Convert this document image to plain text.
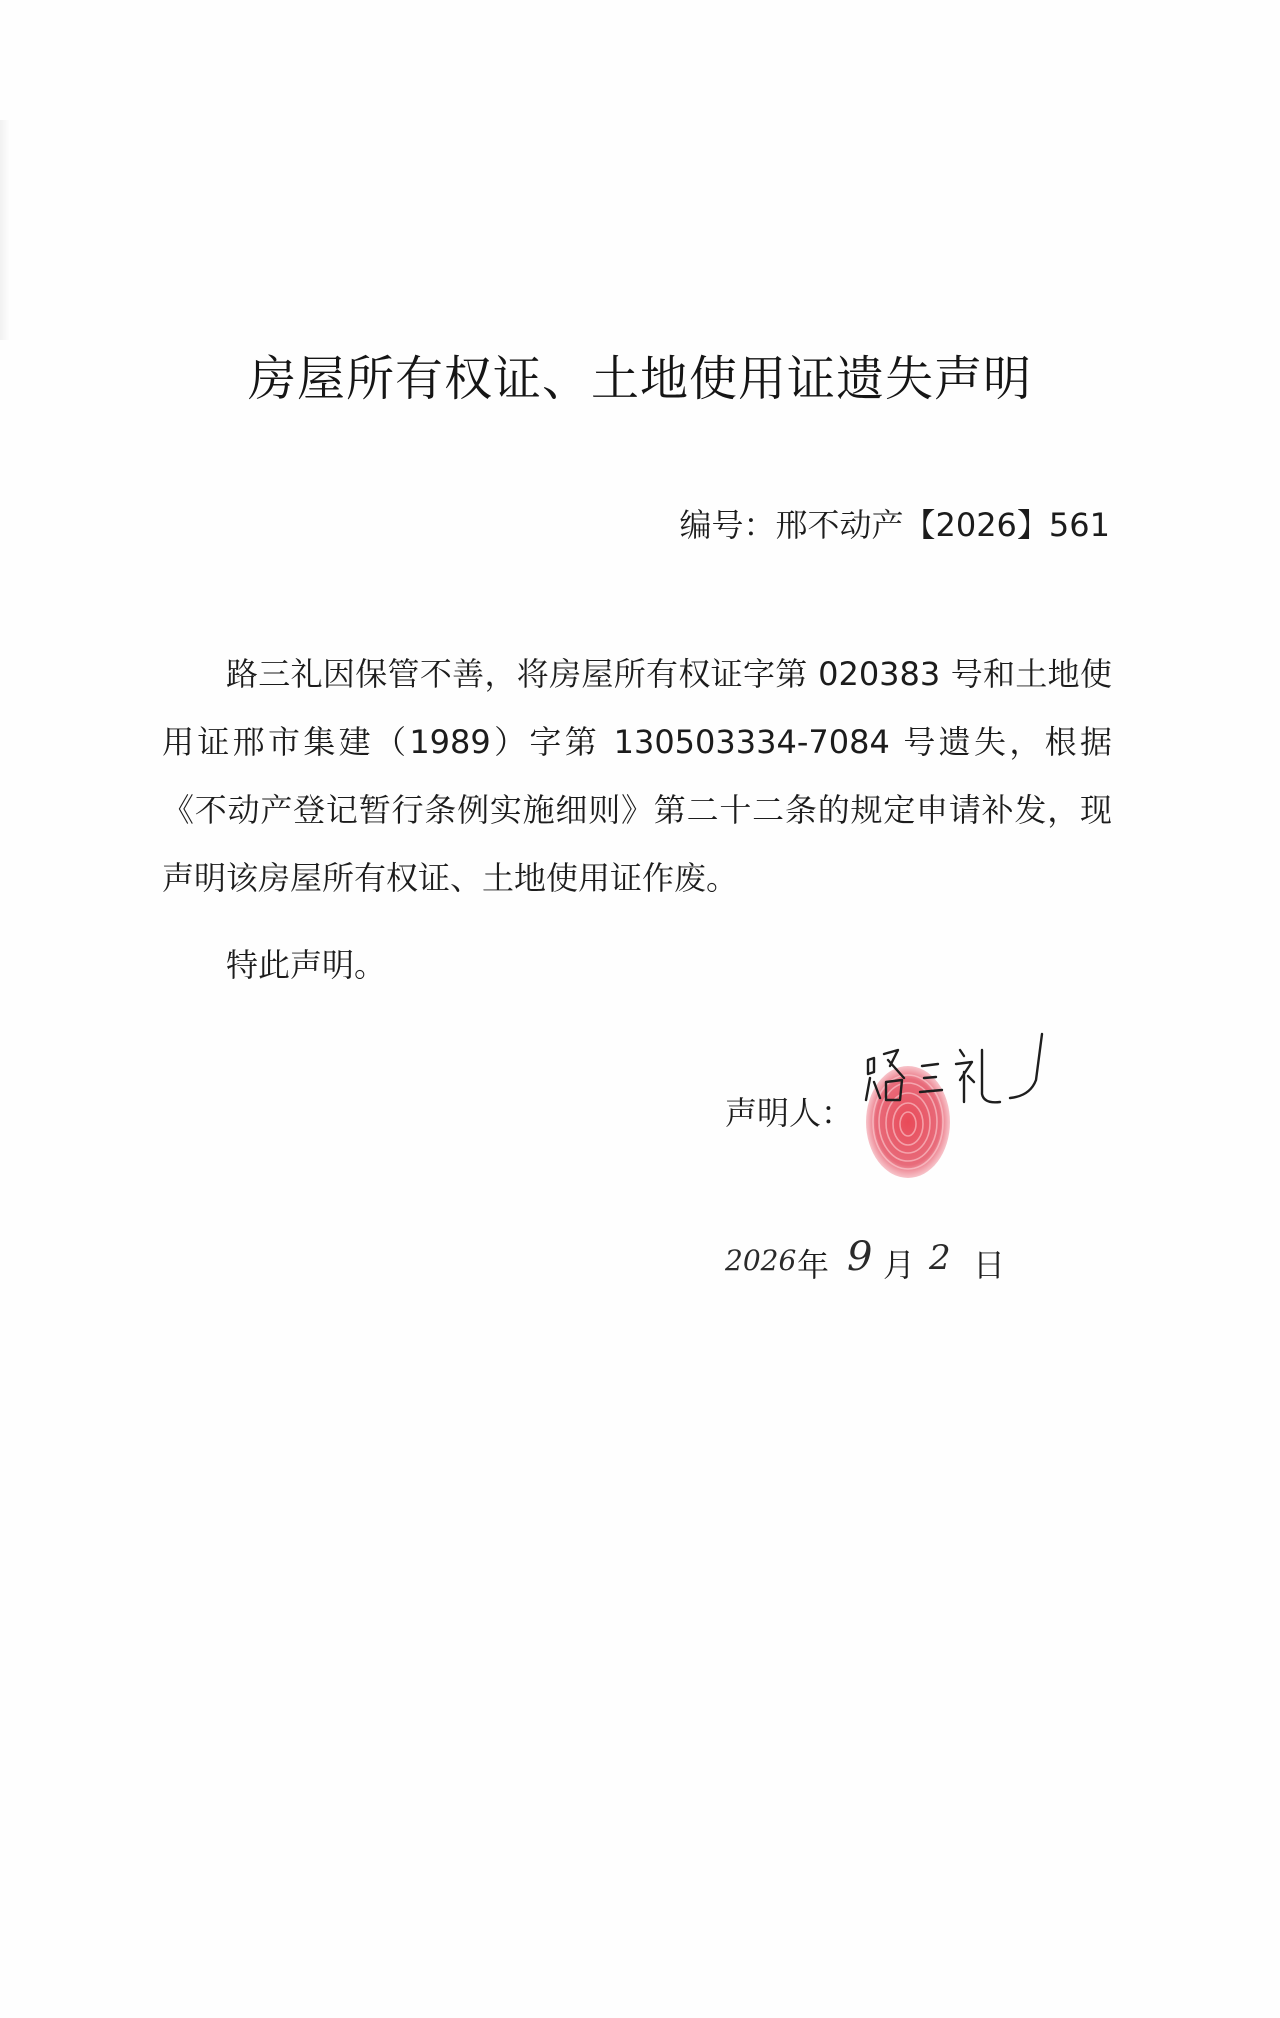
房屋所有权证、土地使用证遗失声明
编号：邢不动产【2026】561

路三礼因保管不善，将房屋所有权证字第 020383 号和土地使用证邢市集建（1989）字第 130503334-7084 号遗失，根据《不动产登记暂行条例实施细则》第二十二条的规定申请补发，现声明该房屋所有权证、土地使用证作废。

特此声明。
声明人：
2026 年 9 月 2 日
